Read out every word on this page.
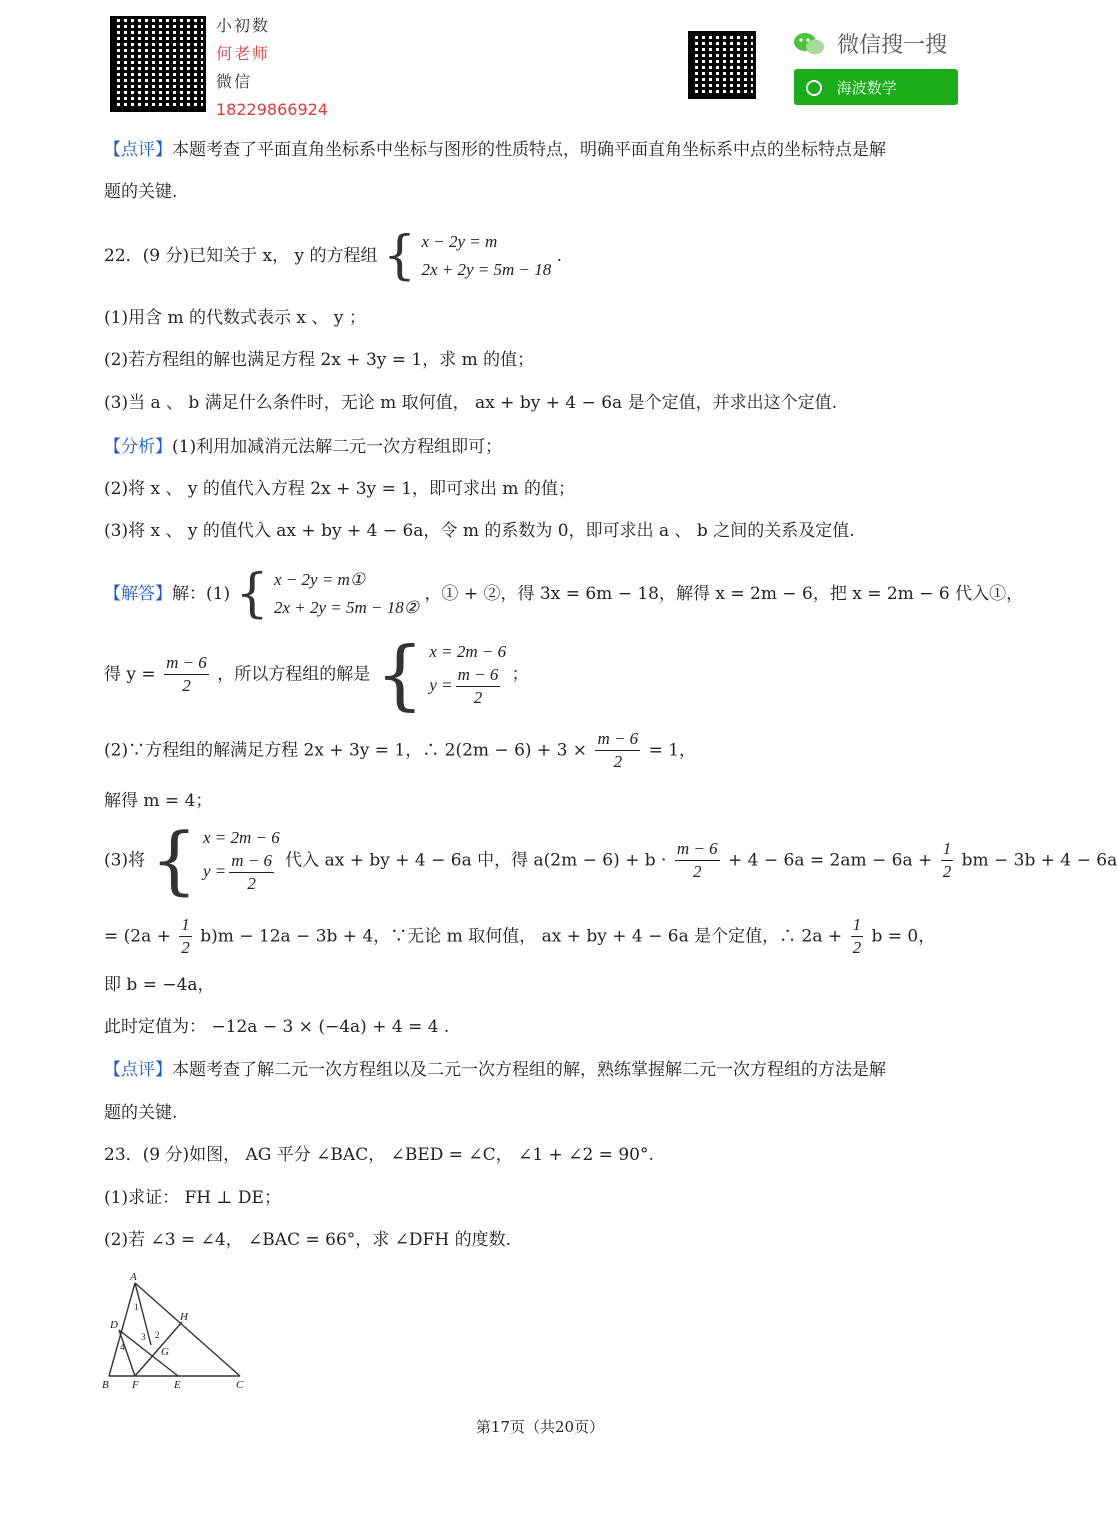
小初数
何老师
微信
18229866924
微信搜一搜
海波数学
【点评】本题考查了平面直角坐标系中坐标与图形的性质特点，明确平面直角坐标系中点的坐标特点是解
题的关键.
22．(9 分)已知关于 x， y 的方程组 { x − 2y = m
2x + 2y = 5m − 18
.
(1)用含 m 的代数式表示 x 、 y ；
(2)若方程组的解也满足方程 2x + 3y = 1，求 m 的值；
(3)当 a 、 b 满足什么条件时，无论 m 取何值， ax + by + 4 − 6a 是个定值，并求出这个定值.
【分析】(1)利用加减消元法解二元一次方程组即可；
(2)将 x 、 y 的值代入方程 2x + 3y = 1，即可求出 m 的值；
(3)将 x 、 y 的值代入 ax + by + 4 − 6a，令 m 的系数为 0，即可求出 a 、 b 之间的关系及定值.
【解答】解：(1) { x − 2y = m①
2x + 2y = 5m − 18②
，① + ②，得 3x = 6m − 18，解得 x = 2m − 6，把 x = 2m − 6 代入①，
得 $y = \frac{m - 6}{2}$ ，所以方程组的解是 { x = 2m − 6
$y = \frac{m - 6}{2}$ ；
(2)∵方程组的解满足方程 2x + 3y = 1，∴ $2(2m - 6) + 3 \times \frac{m - 6}{2} = 1$，
解得 m = 4；
(3)将 { x = 2m − 6
$y = \frac{m - 6}{2}$ 代入 ax + by + 4 − 6a 中，得 $a(2m - 6) + b \cdot \frac{m - 6}{2} + 4 - 6a = 2am - 6a + \frac{1}{2}$ bm − 3b + 4 − 6a
= $(2a + \frac{1}{2} b)m - 12a - 3b + 4$，∵无论 m 取何值， ax + by + 4 − 6a 是个定值，∴ $2a + \frac{1}{2}$ b = 0，
即 b = −4a，
此时定值为： −12a − 3 × (−4a) + 4 = 4 .
【点评】本题考查了解二元一次方程组以及二元一次方程组的解，熟练掌握解二元一次方程组的方法是解
题的关键.
23．(9 分)如图， AG 平分 ∠BAC， ∠BED = ∠C， ∠1 + ∠2 = 90°.
(1)求证： FH ⊥ DE；
(2)若 ∠3 = ∠4， ∠BAC = 66°，求 ∠DFH 的度数.
A
H
D
1
3 2
4	G
B F	E	C
第17页（共20页）
